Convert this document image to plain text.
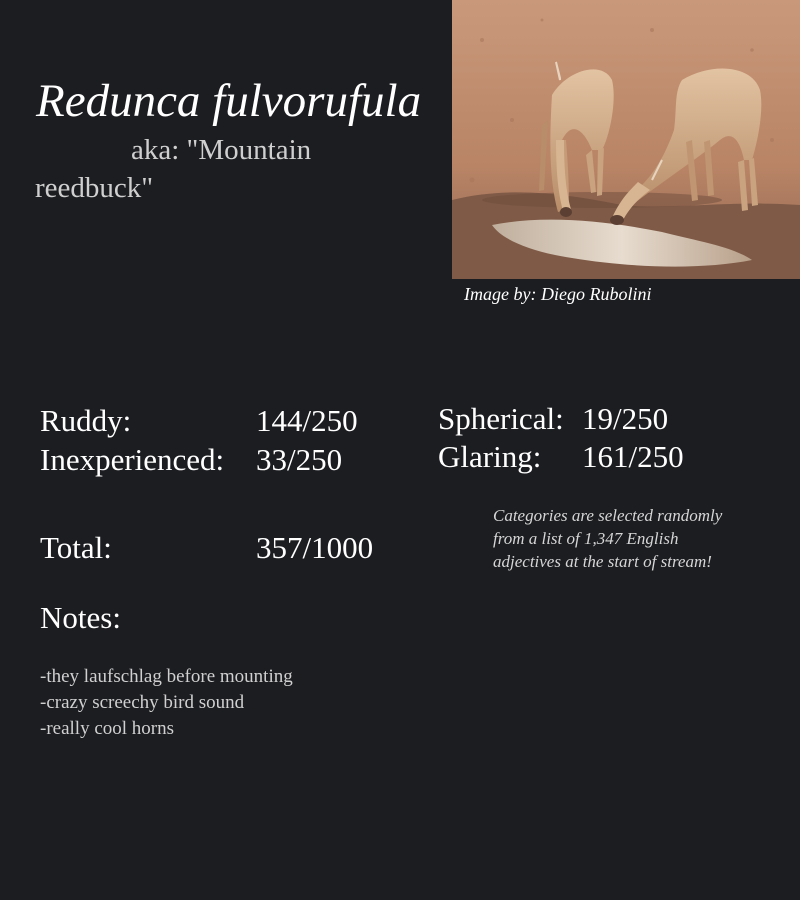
Redunca fulvorufula
aka: "Mountain reedbuck"
Image by: Diego Rubolini
Ruddy:	144/250
Inexperienced: 33/250
Spherical: 19/250
Glaring: 161/250
Total:	357/1000
Categories are selected randomly from a list of 1,347 English adjectives at the start of stream!
Notes:
-they laufschlag before mounting
-crazy screechy bird sound
-really cool horns
